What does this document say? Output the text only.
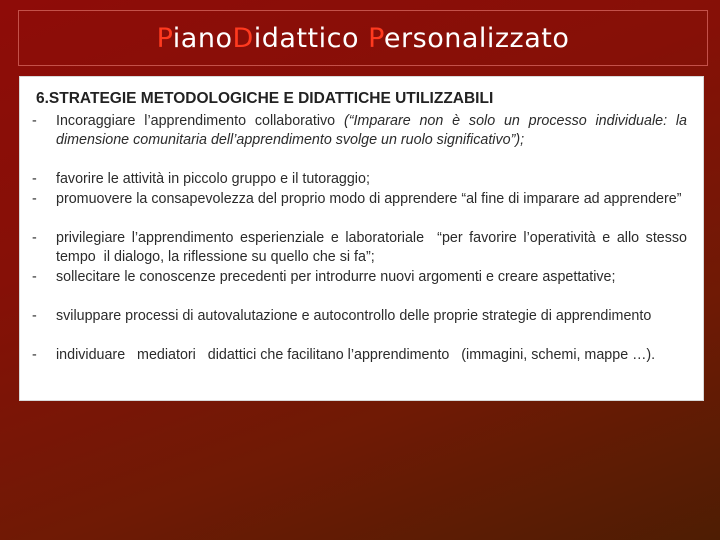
Piano Didattico Personalizzato
6.STRATEGIE METODOLOGICHE E DIDATTICHE UTILIZZABILI
- Incoraggiare l’apprendimento collaborativo (“Imparare non è solo un processo individuale: la dimensione comunitaria dell’apprendimento svolge un ruolo significativo”);
- favorire le attività in piccolo gruppo e il tutoraggio;
- promuovere la consapevolezza del proprio modo di apprendere “al fine di imparare ad apprendere”
- privilegiare l’apprendimento esperienziale e laboratoriale  “per favorire l’operatività e allo stesso  tempo  il dialogo, la riflessione su quello che si fa”;
- sollecitare le conoscenze precedenti per introdurre nuovi argomenti e creare aspettative;
- sviluppare processi di autovalutazione e autocontrollo delle proprie strategie di apprendimento
- individuare   mediatori   didattici che facilitano l’apprendimento   (immagini, schemi, mappe …).
